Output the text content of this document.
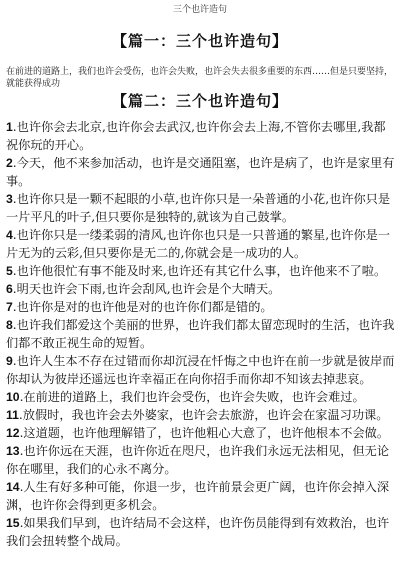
三个也许造句
【篇一：三个也许造句】
在前进的道路上，我们也许会受伤，也许会失败，也许会失去很多重要的东西……但是只要坚持，就能获得成功
【篇二：三个也许造句】

1.也许你会去北京,也许你会去武汉,也许你会去上海,不管你去哪里,我都祝你玩的开心。

2.今天，他不来参加活动，也许是交通阻塞，也许是病了，也许是家里有事。

3.也许你只是一颗不起眼的小草,也许你只是一朵普通的小花,也许你只是一片平凡的叶子,但只要你是独特的,就该为自己鼓掌。

4.也许你只是一缕柔弱的清风,也许你也只是一只普通的繁星,也许你是一片无为的云彩,但只要你是无二的,你就会是一成功的人。

5.也许他很忙有事不能及时来,也许还有其它什么事，也许他来不了啦。

6.明天也许会下雨,也许会刮风,也许会是个大晴天。

7.也许你是对的也许他是对的也许你们都是错的。

8.也许我们都爱这个美丽的世界，也许我们都太留恋现时的生活，也许我们都不敢正视生命的短暂。

9.也许人生本不存在过错而你却沉浸在忏悔之中也许在前一步就是彼岸而你却认为彼岸还遥远也许幸福正在向你招手而你却不知该去掉悲哀。

10.在前进的道路上，我们也许会受伤，也许会失败，也许会难过。

11.放假时，我也许会去外婆家，也许会去旅游，也许会在家温习功课。

12.这道题，也许他理解错了，也许他粗心大意了，也许他根本不会做。

13.也许你远在天涯，也许你近在咫尺，也许我们永远无法相见，但无论你在哪里，我们的心永不离分。

14.人生有好多种可能，你退一步，也许前景会更广阔，也许你会掉入深渊，也许你会得到更多机会。

15.如果我们早到，也许结局不会这样，也许伤员能得到有效救治，也许我们会扭转整个战局。
